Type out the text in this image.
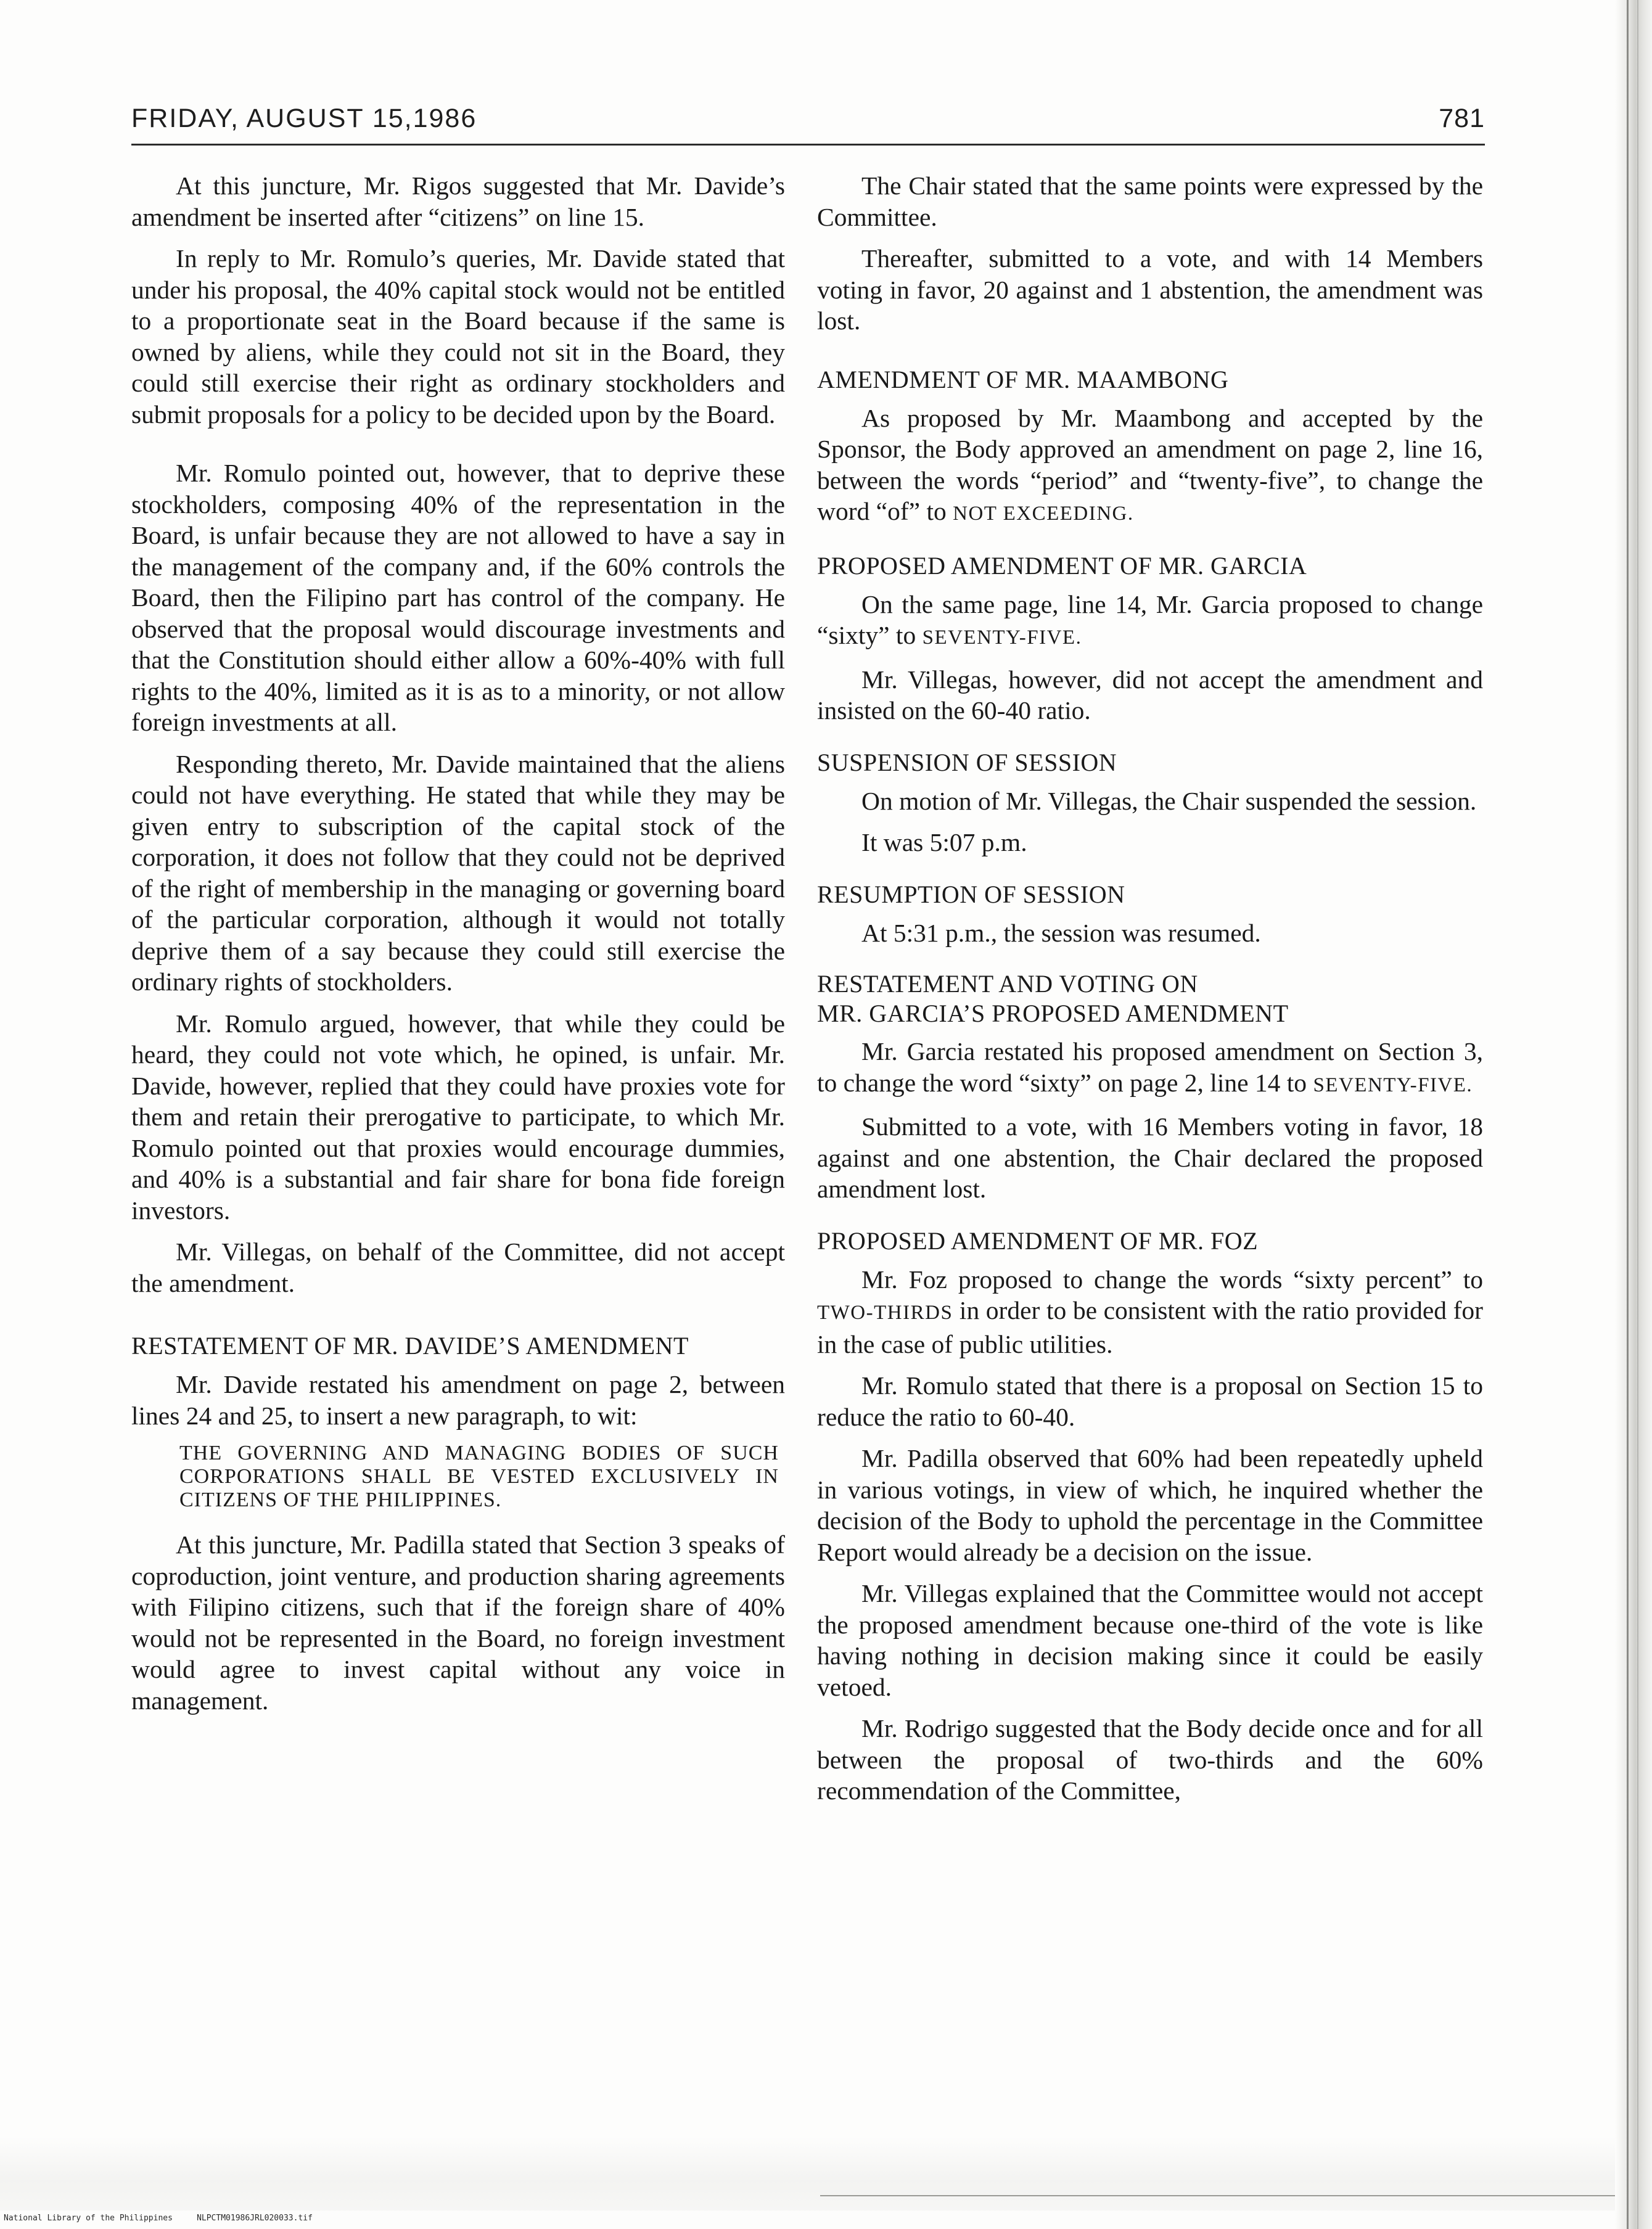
FRIDAY, AUGUST 15,1986	781

At this juncture, Mr. Rigos suggested that Mr. Davide’s amendment be inserted after “citizens” on line 15.

In reply to Mr. Romulo’s queries, Mr. Davide stated that under his proposal, the 40% capital stock would not be entitled to a proportionate seat in the Board because if the same is owned by aliens, while they could not sit in the Board, they could still exercise their right as ordinary stockholders and submit proposals for a policy to be decided upon by the Board.

Mr. Romulo pointed out, however, that to deprive these stockholders, composing 40% of the representation in the Board, is unfair because they are not allowed to have a say in the management of the company and, if the 60% controls the Board, then the Filipino part has control of the company. He observed that the proposal would discourage investments and that the Constitution should either allow a 60%-40% with full rights to the 40%, limited as it is as to a minority, or not allow foreign investments at all.

Responding thereto, Mr. Davide maintained that the aliens could not have everything. He stated that while they may be given entry to subscription of the capital stock of the corporation, it does not follow that they could not be deprived of the right of membership in the managing or governing board of the particular corporation, although it would not totally deprive them of a say because they could still exercise the ordinary rights of stockholders.

Mr. Romulo argued, however, that while they could be heard, they could not vote which, he opined, is unfair. Mr. Davide, however, replied that they could have proxies vote for them and retain their prerogative to participate, to which Mr. Romulo pointed out that proxies would encourage dummies, and 40% is a substantial and fair share for bona fide foreign investors.

Mr. Villegas, on behalf of the Committee, did not accept the amendment.

RESTATEMENT OF MR. DAVIDE’S AMENDMENT

Mr. Davide restated his amendment on page 2, between lines 24 and 25, to insert a new paragraph, to wit:

THE GOVERNING AND MANAGING BODIES OF SUCH CORPORATIONS SHALL BE VESTED EXCLUSIVELY IN CITIZENS OF THE PHILIPPINES.

At this juncture, Mr. Padilla stated that Section 3 speaks of coproduction, joint venture, and production sharing agreements with Filipino citizens, such that if the foreign share of 40% would not be represented in the Board, no foreign investment would agree to invest capital without any voice in management.

The Chair stated that the same points were expressed by the Committee.

Thereafter, submitted to a vote, and with 14 Members voting in favor, 20 against and 1 abstention, the amendment was lost.

AMENDMENT OF MR. MAAMBONG

As proposed by Mr. Maambong and accepted by the Sponsor, the Body approved an amendment on page 2, line 16, between the words “period” and “twenty-five”, to change the word “of” to NOT EXCEEDING.

PROPOSED AMENDMENT OF MR. GARCIA

On the same page, line 14, Mr. Garcia proposed to change “sixty” to SEVENTY-FIVE.

Mr. Villegas, however, did not accept the amendment and insisted on the 60-40 ratio.

SUSPENSION OF SESSION

On motion of Mr. Villegas, the Chair suspended the session.

It was 5:07 p.m.

RESUMPTION OF SESSION

At 5:31 p.m., the session was resumed.

RESTATEMENT AND VOTING ON
MR. GARCIA’S PROPOSED AMENDMENT

Mr. Garcia restated his proposed amendment on Section 3, to change the word “sixty” on page 2, line 14 to SEVENTY-FIVE.

Submitted to a vote, with 16 Members voting in favor, 18 against and one abstention, the Chair declared the proposed amendment lost.

PROPOSED AMENDMENT OF MR. FOZ

Mr. Foz proposed to change the words “sixty percent” to TWO-THIRDS in order to be consistent with the ratio provided for in the case of public utilities.

Mr. Romulo stated that there is a proposal on Section 15 to reduce the ratio to 60-40.

Mr. Padilla observed that 60% had been repeatedly upheld in various votings, in view of which, he inquired whether the decision of the Body to uphold the percentage in the Committee Report would already be a decision on the issue.

Mr. Villegas explained that the Committee would not accept the proposed amendment because one-third of the vote is like having nothing in decision making since it could be easily vetoed.

Mr. Rodrigo suggested that the Body decide once and for all between the proposal of two-thirds and the 60% recommendation of the Committee,

National Library of the Philippines	NLPCTM01986JRL020033.tif
